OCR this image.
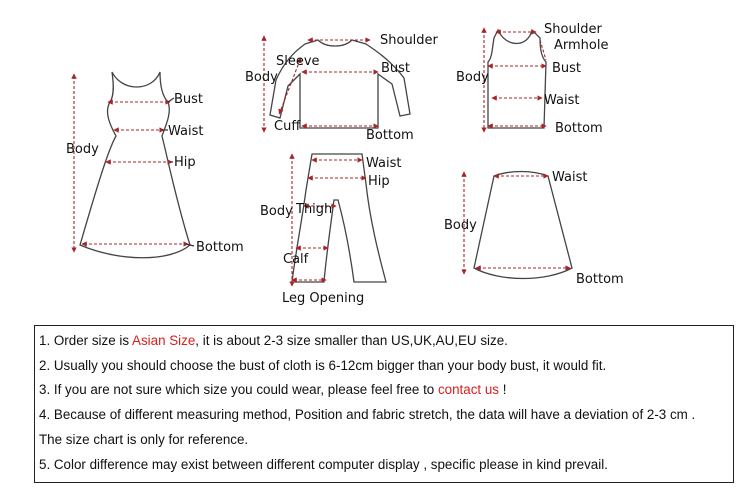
Body
Bust
Waist
Hip
Bottom
Body
Sleeve
Shoulder
Bust
Cuff
Bottom
Body
Shoulder
Armhole
Bust
Waist
Bottom
Waist
Hip
Body Thigh
Calf
Leg Opening
Waist
Body
Bottom
1. Order size is Asian Size, it is about 2-3 size smaller than US,UK,AU,EU size.
2. Usually you should choose the bust of cloth is 6-12cm bigger than your body bust, it would fit.
3. If you are not sure which size you could wear, please feel free to contact us !
4. Because of different measuring method, Position and fabric stretch, the data will have a deviation of 2-3 cm .
The size chart is only for reference.
5. Color difference may exist between different computer display , specific please in kind prevail.
